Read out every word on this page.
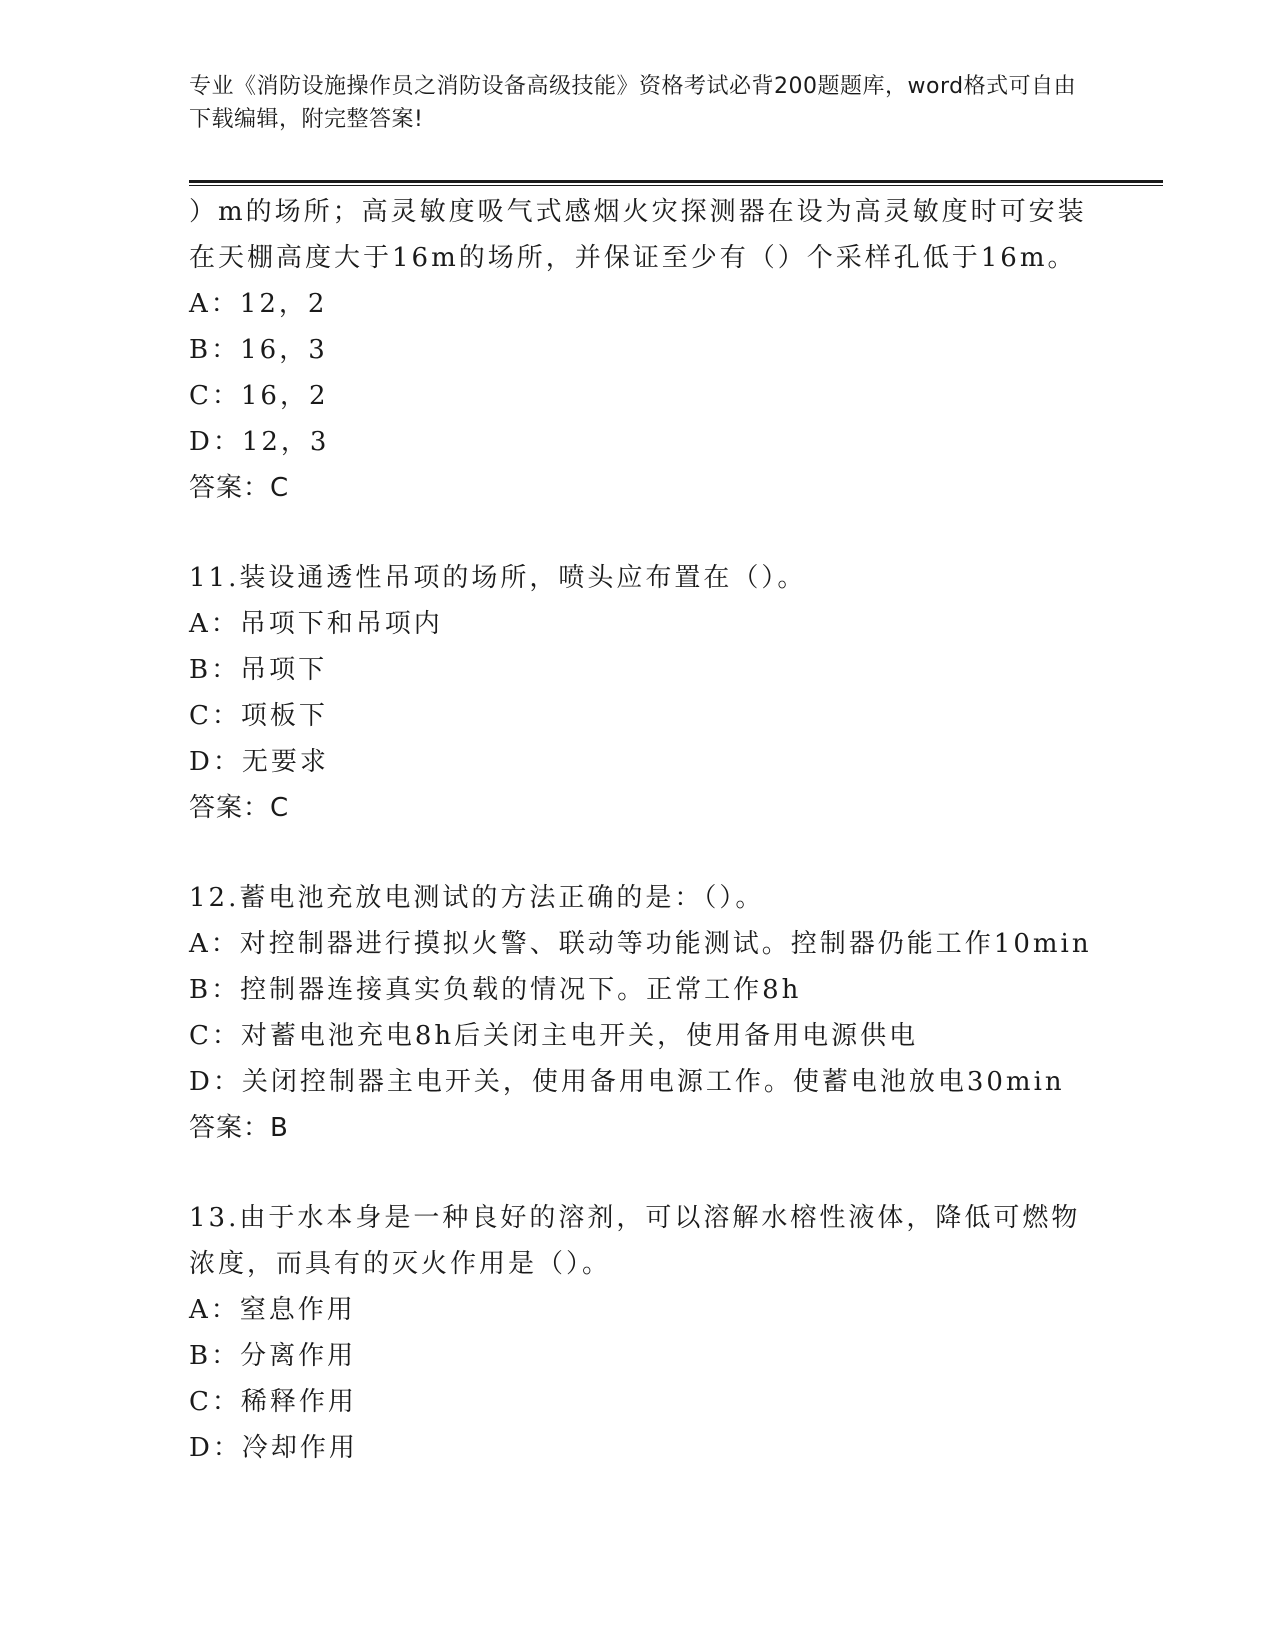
专业《消防设施操作员之消防设备高级技能》资格考试必背200题题库，word格式可自由下载编辑，附完整答案!
）m的场所；高灵敏度吸气式感烟火灾探测器在设为高灵敏度时可安装
在天棚高度大于16m的场所，并保证至少有（）个采样孔低于16m。
A：12，2
B：16，3
C：16，2
D：12，3
答案：C
11.装设通透性吊项的场所，喷头应布置在（）。
A：吊项下和吊项内
B：吊项下
C：项板下
D：无要求
答案：C
12.蓄电池充放电测试的方法正确的是：（）。
A：对控制器进行摸拟火警、联动等功能测试。控制器仍能工作10min
B：控制器连接真实负载的情况下。正常工作8h
C：对蓄电池充电8h后关闭主电开关，使用备用电源供电
D：关闭控制器主电开关，使用备用电源工作。使蓄电池放电30min
答案：B
13.由于水本身是一种良好的溶剂，可以溶解水榕性液体，降低可燃物
浓度，而具有的灭火作用是（）。
A：窒息作用
B：分离作用
C：稀释作用
D：冷却作用
